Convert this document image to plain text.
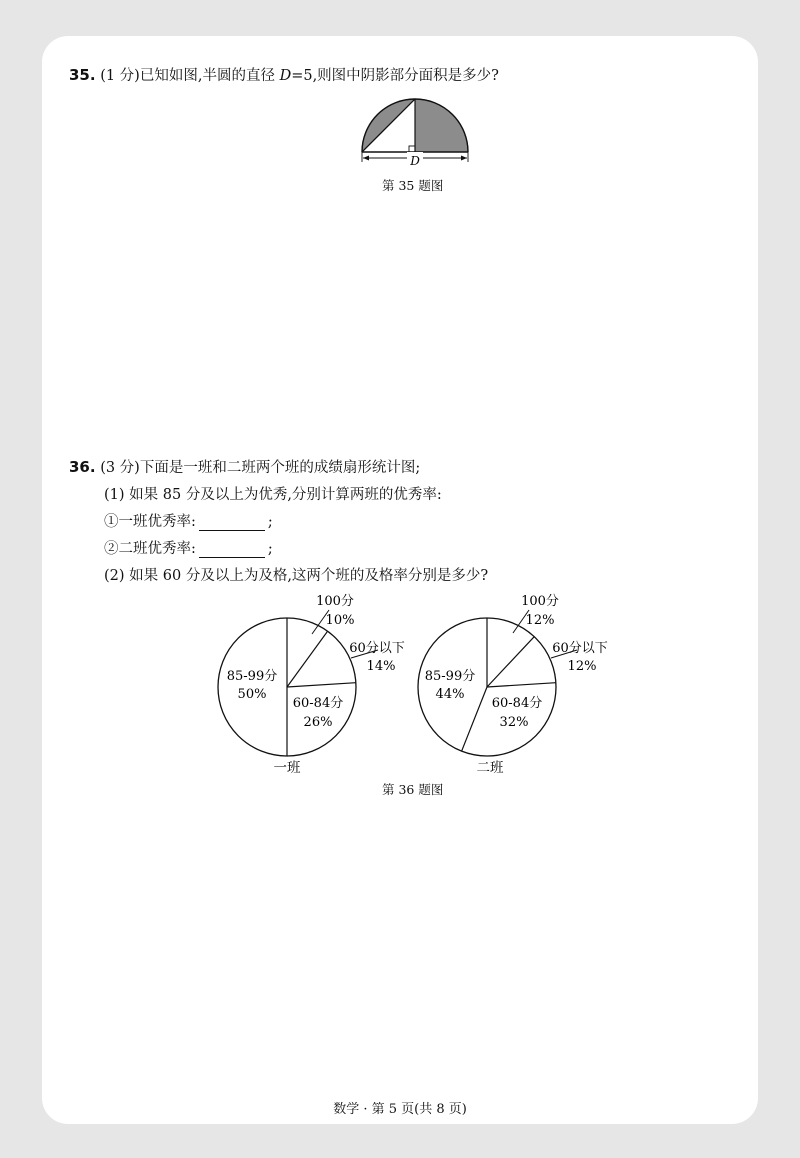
35. (1 分)已知如图,半圆的直径 D=5,则图中阴影部分面积是多少?
D
第 35 题图
36. (3 分)下面是一班和二班两个班的成绩扇形统计图;
(1) 如果 85 分及以上为优秀,分别计算两班的优秀率:
①一班优秀率:	;
②二班优秀率:	;
(2) 如果 60 分及以上为及格,这两个班的及格率分别是多少?
100分
10%
60分以下
14%
60-84分
26%
85-99分
50%
一班
100分
12%
60分以下
12%
60-84分
32%
85-99分
44%
二班
第 36 题图
数学 · 第 5 页(共 8 页)
